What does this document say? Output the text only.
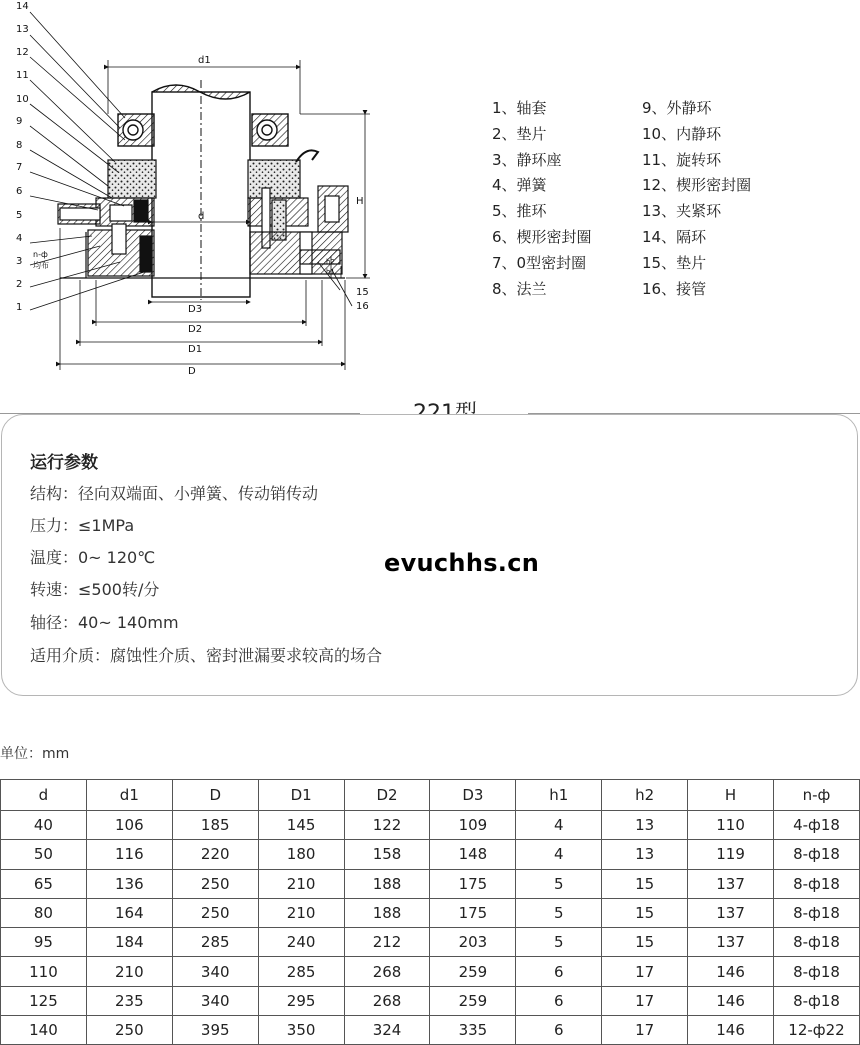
14
13
12
11
10
9
8
7
6
5
4
3
2
1
15
16
n-ф
均布
d1
d
D3
D2
D1
D
H
h1
h2
1、轴套
2、垫片
3、静环座
4、弹簧
5、推环
6、楔形密封圈
7、0型密封圈
8、法兰
9、外静环
10、内静环
11、旋转环
12、楔形密封圈
13、夹紧环
14、隔环
15、垫片
16、接管
运行参数
结构：径向双端面、小弹簧、传动销传动
压力：≤1MPa
温度：0~ 120℃
转速：≤500转/分
轴径：40~ 140mm
适用介质：腐蚀性介质、密封泄漏要求较高的场合
evuchhs.cn
单位：mm
d	d1	D	D1	D2	D3	h1	h2	H	n-ф
40	106	185	145	122	109	4	13	110	4-ф18
50	116	220	180	158	148	4	13	119	8-ф18
65	136	250	210	188	175	5	15	137	8-ф18
80	164	250	210	188	175	5	15	137	8-ф18
95	184	285	240	212	203	5	15	137	8-ф18
110	210	340	285	268	259	6	17	146	8-ф18
125	235	340	295	268	259	6	17	146	8-ф18
140	250	395	350	324	335	6	17	146	12-ф22
